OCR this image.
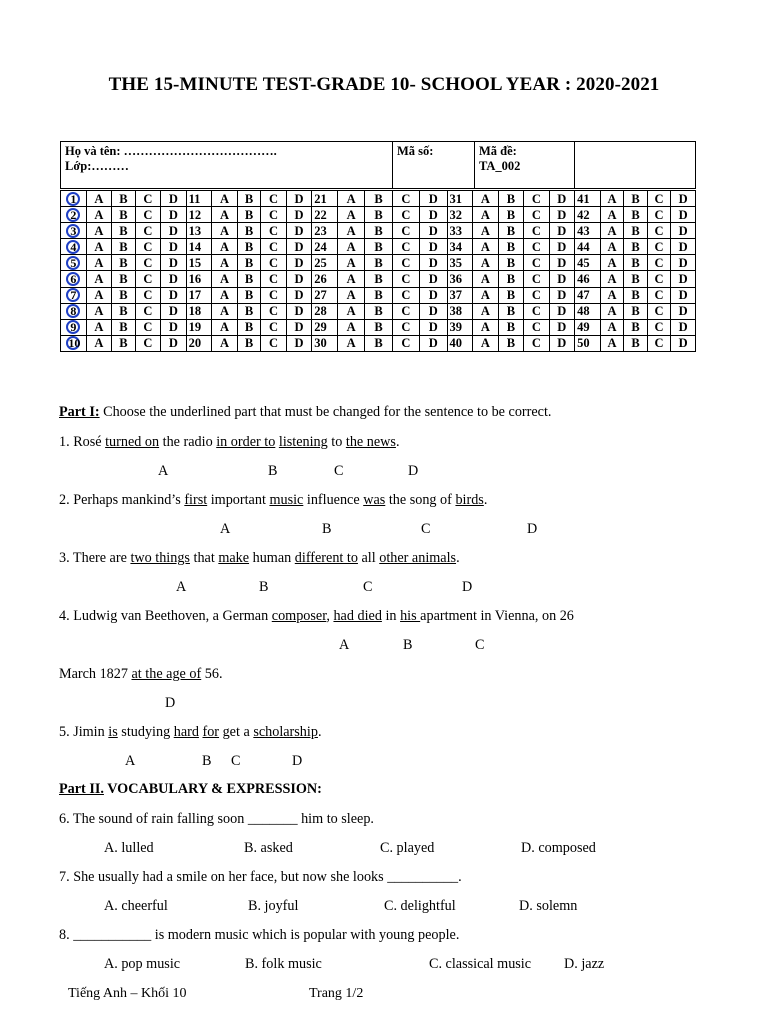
THE 15-MINUTE TEST-GRADE 10- SCHOOL YEAR : 2020-2021
Họ và tên: ……………………………….
Lớp:………

Mã số:	Mã đề:
TA_002

1	A	B	C	D	11	A	B	C	D	21	A	B	C	D	31	A	B	C	D	41	A	B	C	D
2	A	B	C	D	12	A	B	C	D	22	A	B	C	D	32	A	B	C	D	42	A	B	C	D
3	A	B	C	D	13	A	B	C	D	23	A	B	C	D	33	A	B	C	D	43	A	B	C	D
4	A	B	C	D	14	A	B	C	D	24	A	B	C	D	34	A	B	C	D	44	A	B	C	D
5	A	B	C	D	15	A	B	C	D	25	A	B	C	D	35	A	B	C	D	45	A	B	C	D
6	A	B	C	D	16	A	B	C	D	26	A	B	C	D	36	A	B	C	D	46	A	B	C	D
7	A	B	C	D	17	A	B	C	D	27	A	B	C	D	37	A	B	C	D	47	A	B	C	D
8	A	B	C	D	18	A	B	C	D	28	A	B	C	D	38	A	B	C	D	48	A	B	C	D
9	A	B	C	D	19	A	B	C	D	29	A	B	C	D	39	A	B	C	D	49	A	B	C	D
10	A	B	C	D	20	A	B	C	D	30	A	B	C	D	40	A	B	C	D	50	A	B	C	D
Part I: Choose the underlined part that must be changed for the sentence to be correct.
1. Rosé turned on the radio in order to listening to the news.
A	B	C	D
2. Perhaps mankind’s first important music influence was the song of birds.
A	B	C	D
3. There are two things that make human different to all other animals.
A	B	C	D
4. Ludwig van Beethoven, a German composer, had died in his apartment in Vienna, on 26
A	B	C
March 1827 at the age of 56.
D
5. Jimin is studying hard for get a scholarship.
A	B C	D
Part II. VOCABULARY & EXPRESSION:
6. The sound of rain falling soon _______ him to sleep.
A. lulled	B. asked	C. played	D. composed
7. She usually had a smile on her face, but now she looks __________.
A. cheerful	B. joyful	C. delightful	D. solemn
8. ___________ is modern music which is popular with young people.
A. pop music	B. folk music	C. classical music D. jazz
Tiếng Anh – Khối 10	Trang 1/2
